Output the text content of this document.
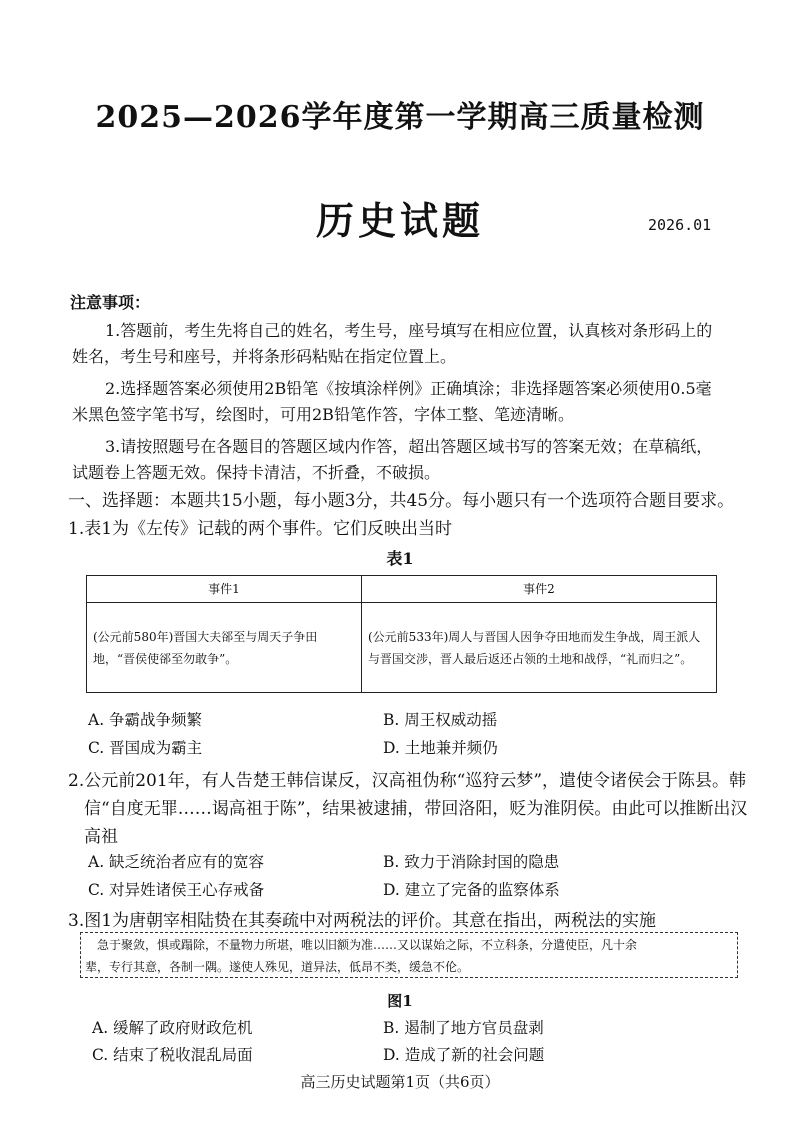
2025—2026学年度第一学期高三质量检测
历史试题	2026.01
注意事项：
1.答题前，考生先将自己的姓名，考生号，座号填写在相应位置，认真核对条形码上的
姓名，考生号和座号，并将条形码粘贴在指定位置上。
2.选择题答案必须使用2B铅笔《按填涂样例》正确填涂；非选择题答案必须使用0.5毫
米黑色签字笔书写，绘图时，可用2B铅笔作答，字体工整、笔迹清晰。
3.请按照题号在各题目的答题区域内作答，超出答题区域书写的答案无效；在草稿纸，
试题卷上答题无效。保持卡清洁，不折叠，不破损。
一、选择题：本题共15小题，每小题3分，共45分。每小题只有一个选项符合题目要求。
1.表1为《左传》记载的两个事件。它们反映出当时
表1
事件1	事件2
(公元前580年)晋国大夫郤至与周天子争田地，“晋侯使郤至勿敢争”。	(公元前533年)周人与晋国人因争夺田地而发生争战，周王派人与晋国交涉，晋人最后返还占领的土地和战俘，“礼而归之”。
A. 争霸战争频繁	B. 周王权威动摇
C. 晋国成为霸主	D. 土地兼并频仍
2.公元前201年，有人告楚王韩信谋反，汉高祖伪称“巡狩云梦”，遣使令诸侯会于陈县。韩
信“自度无罪……谒高祖于陈”，结果被逮捕，带回洛阳，贬为淮阴侯。由此可以推断出汉
高祖
A. 缺乏统治者应有的宽容	B. 致力于消除封国的隐患
C. 对异姓诸侯王心存戒备	D. 建立了完备的监察体系
3.图1为唐朝宰相陆贽在其奏疏中对两税法的评价。其意在指出，两税法的实施

急于聚敛，惧或蹋除，不量物力所堪，唯以旧额为准……又以谋始之际，不立科条，分遣使臣，凡十余

辈，专行其意，各制一隅。遂使人殊见，道异法，低昂不类，缓急不伦。

图1
A. 缓解了政府财政危机	B. 遏制了地方官员盘剥
C. 结束了税收混乱局面	D. 造成了新的社会问题
高三历史试题第1页（共6页）
